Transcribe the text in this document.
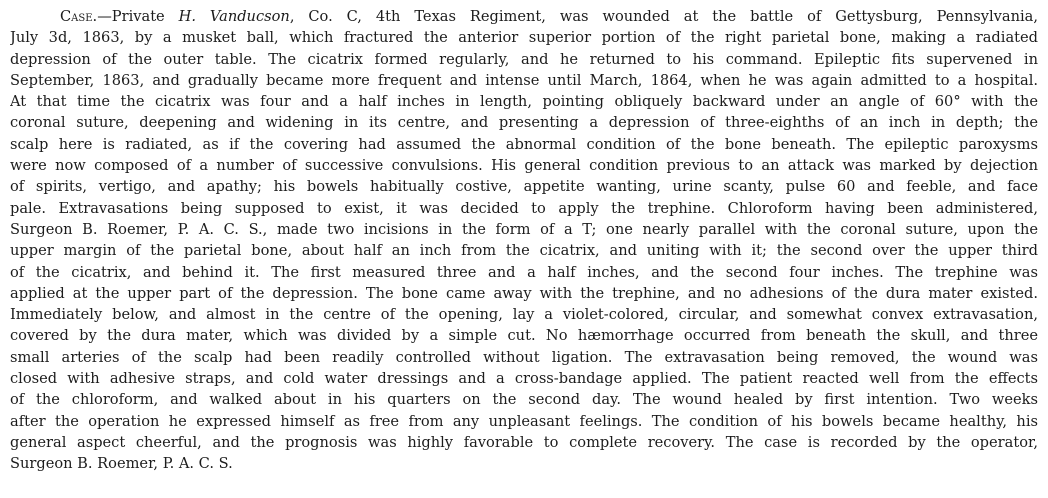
Case.—Private H. Vanducson, Co. C, 4th Texas Regiment, was wounded at the battle of Gettysburg, Pennsylvania,
July 3d, 1863, by a musket ball, which fractured the anterior superior portion of the right parietal bone, making a radiated
depression of the outer table. The cicatrix formed regularly, and he returned to his command. Epileptic fits supervened in
September, 1863, and gradually became more frequent and intense until March, 1864, when he was again admitted to a hospital.
At that time the cicatrix was four and a half inches in length, pointing obliquely backward under an angle of 60° with the
coronal suture, deepening and widening in its centre, and presenting a depression of three-eighths of an inch in depth; the
scalp here is radiated, as if the covering had assumed the abnormal condition of the bone beneath. The epileptic paroxysms
were now composed of a number of successive convulsions. His general condition previous to an attack was marked by dejection
of spirits, vertigo, and apathy; his bowels habitually costive, appetite wanting, urine scanty, pulse 60 and feeble, and face
pale. Extravasations being supposed to exist, it was decided to apply the trephine. Chloroform having been administered,
Surgeon B. Roemer, P. A. C. S., made two incisions in the form of a T; one nearly parallel with the coronal suture, upon the
upper margin of the parietal bone, about half an inch from the cicatrix, and uniting with it; the second over the upper third
of the cicatrix, and behind it. The first measured three and a half inches, and the second four inches. The trephine was
applied at the upper part of the depression. The bone came away with the trephine, and no adhesions of the dura mater existed.
Immediately below, and almost in the centre of the opening, lay a violet-colored, circular, and somewhat convex extravasation,
covered by the dura mater, which was divided by a simple cut. No hæmorrhage occurred from beneath the skull, and three
small arteries of the scalp had been readily controlled without ligation. The extravasation being removed, the wound was
closed with adhesive straps, and cold water dressings and a cross-bandage applied. The patient reacted well from the effects
of the chloroform, and walked about in his quarters on the second day. The wound healed by first intention. Two weeks
after the operation he expressed himself as free from any unpleasant feelings. The condition of his bowels became healthy, his
general aspect cheerful, and the prognosis was highly favorable to complete recovery. The case is recorded by the operator,
Surgeon B. Roemer, P. A. C. S.
